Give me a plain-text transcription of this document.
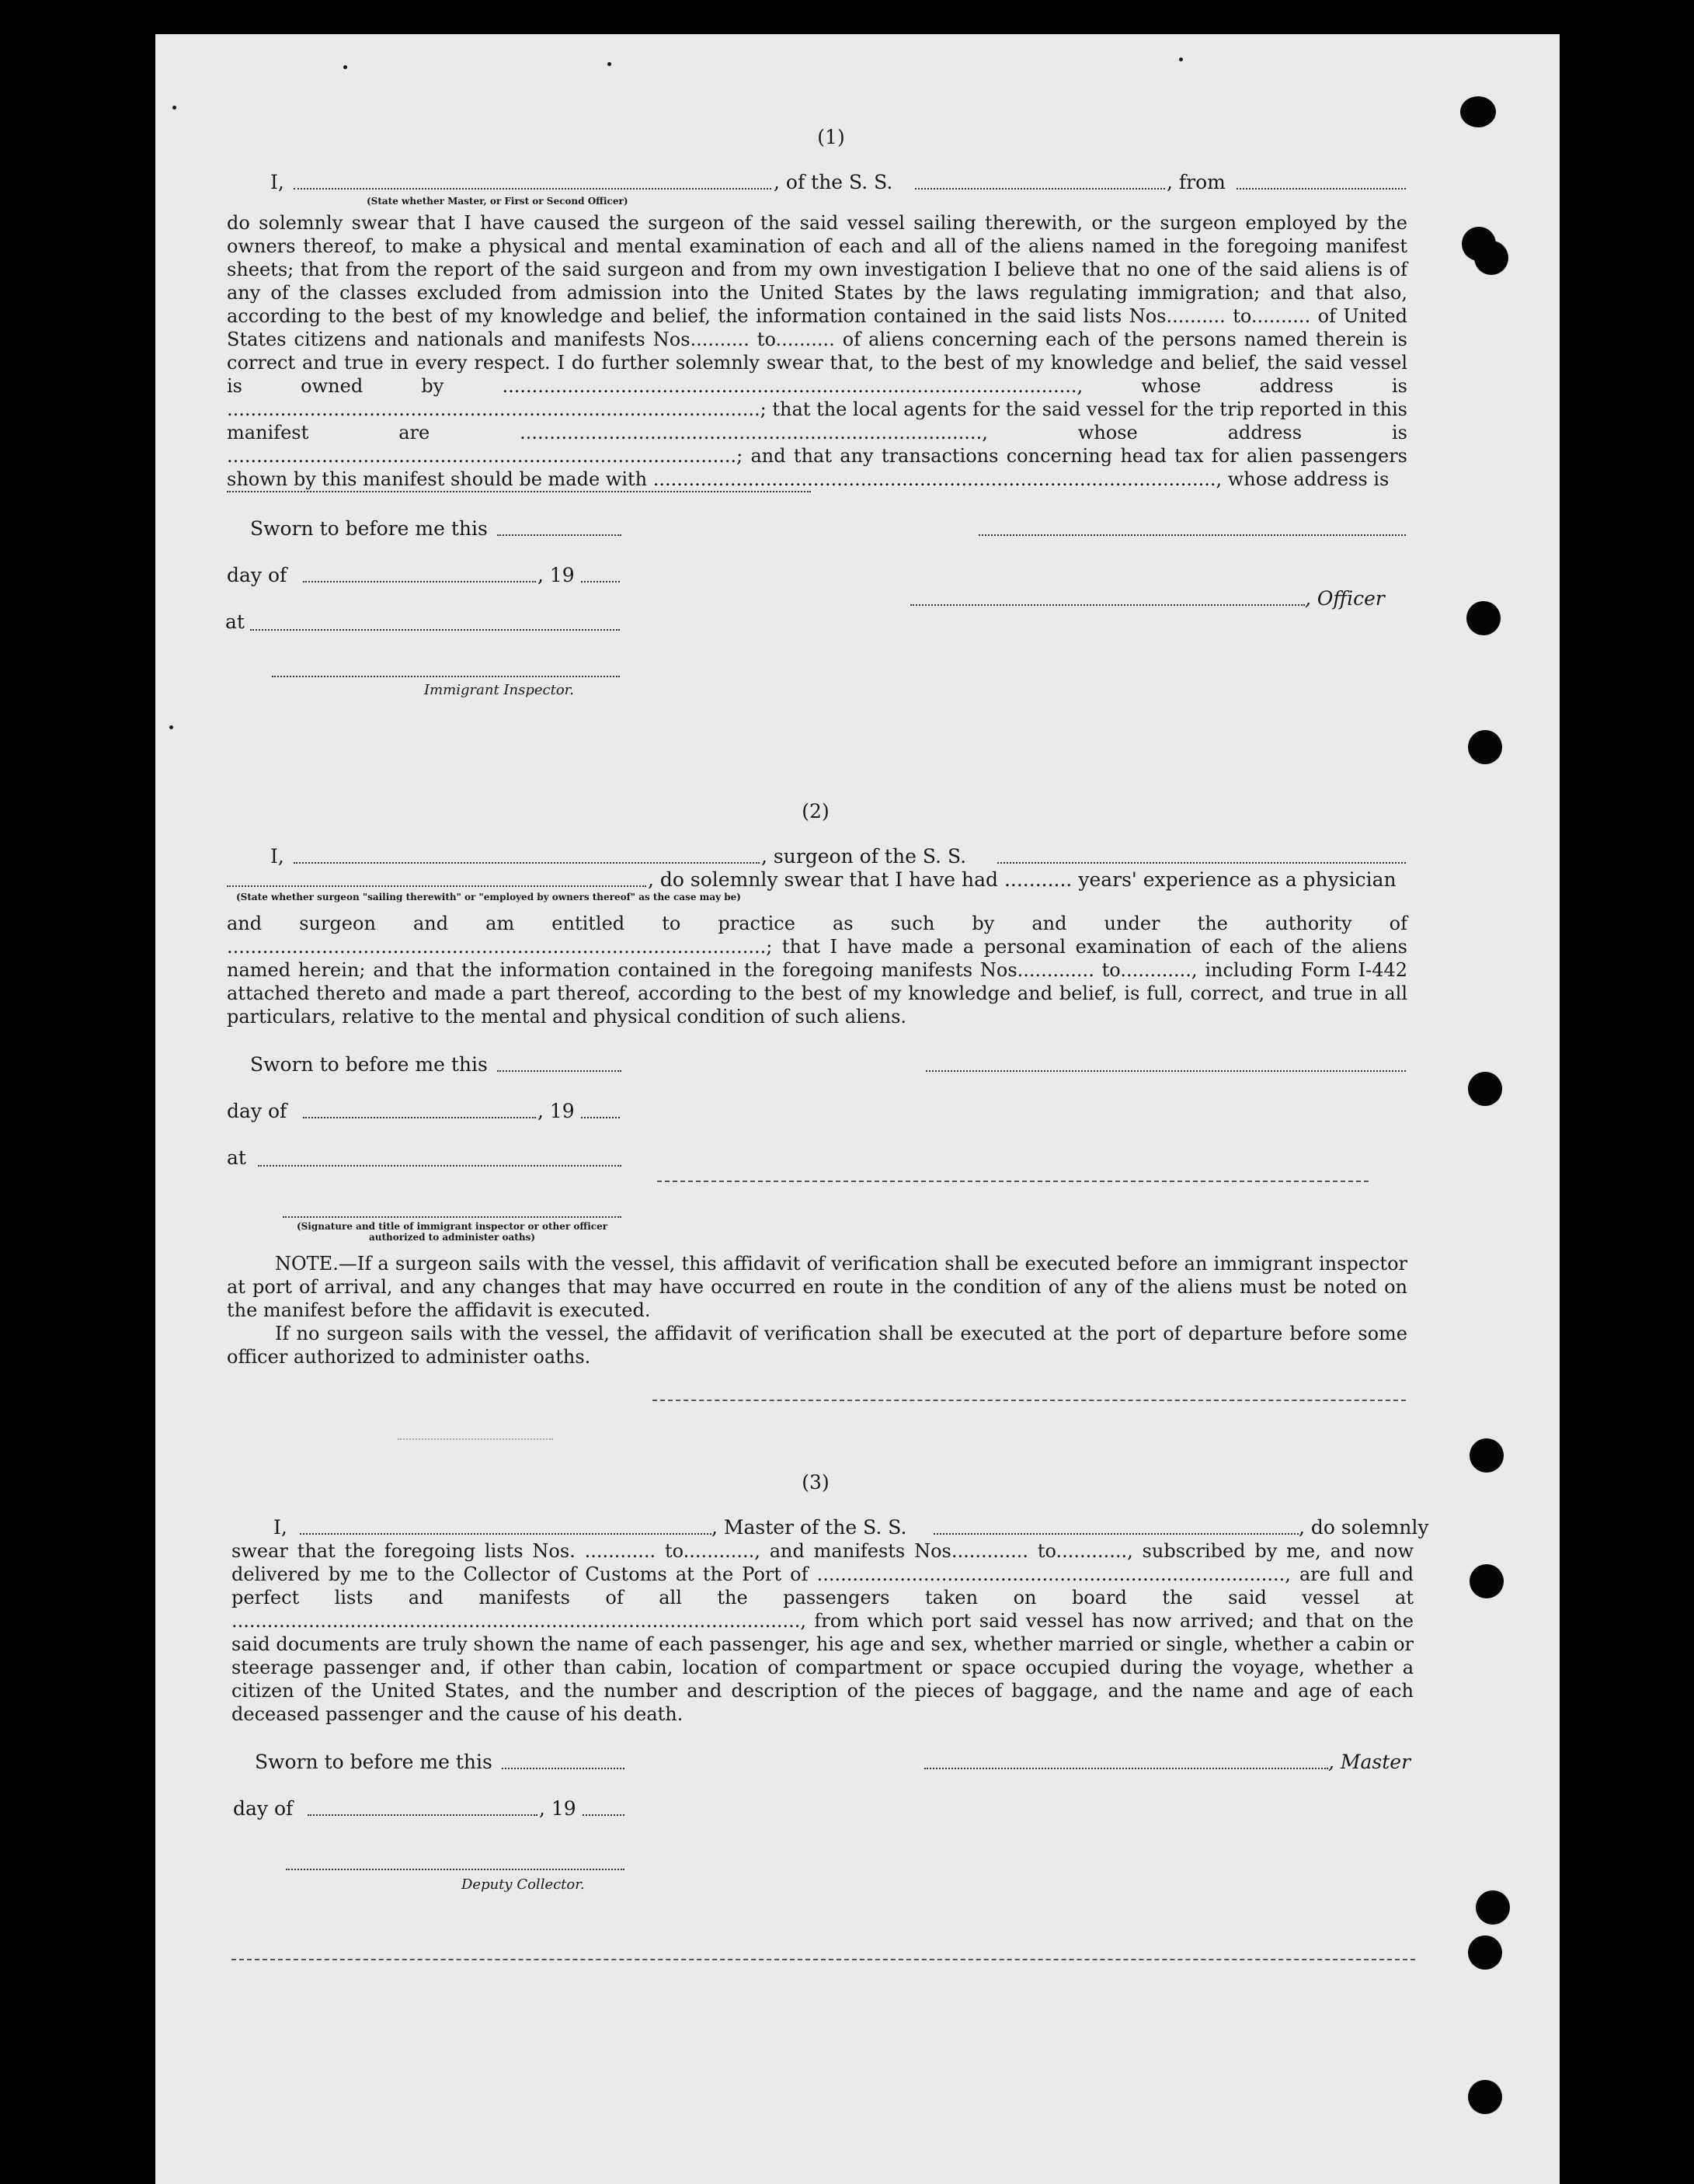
(1)
I,	, of the S. S.	, from
(State whether Master, or First or Second Officer)
do solemnly swear that I have caused the surgeon of the said vessel sailing therewith, or the surgeon employed by the owners thereof, to make a physical and mental examination of each and all of the aliens named in the foregoing manifest sheets; that from the report of the said surgeon and from my own investigation I believe that no one of the said aliens is of any of the classes excluded from admission into the United States by the laws regulating immigration; and that also, according to the best of my knowledge and belief, the information contained in the said lists Nos.......... to.......... of United States citizens and nationals and manifests Nos.......... to.......... of aliens concerning each of the persons named therein is correct and true in every respect. I do further solemnly swear that, to the best of my knowledge and belief, the said vessel is owned by ................................................................................................., whose address is ..........................................................................................; that the local agents for the said vessel for the trip reported in this manifest are .............................................................................., whose address is ......................................................................................; and that any transactions concerning head tax for alien passengers shown by this manifest should be made with ..............................................................................................., whose address is
Sworn to before me this
day of	, 19
, Officer
at
Immigrant Inspector.
(2)
I,	, surgeon of the S. S.
, do solemnly swear that I have had ........... years' experience as a physician
(State whether surgeon "sailing therewith" or "employed by owners thereof" as the case may be)
and surgeon and am entitled to practice as such by and under the authority of ...........................................................................................; that I have made a personal examination of each of the aliens named herein; and that the information contained in the foregoing manifests Nos............. to............, including Form I-442 attached thereto and made a part thereof, according to the best of my knowledge and belief, is full, correct, and true in all particulars, relative to the mental and physical condition of such aliens.
Sworn to before me this
day of	, 19
at
(Signature and title of immigrant inspector or other officer authorized to administer oaths)
NOTE.—If a surgeon sails with the vessel, this affidavit of verification shall be executed before an immigrant inspector at port of arrival, and any changes that may have occurred en route in the condition of any of the aliens must be noted on the manifest before the affidavit is executed.
If no surgeon sails with the vessel, the affidavit of verification shall be executed at the port of departure before some officer authorized to administer oaths.
(3)
I,	, Master of the S. S.	, do solemnly
swear that the foregoing lists Nos. ............ to............, and manifests Nos............. to............, subscribed by me, and now delivered by me to the Collector of Customs at the Port of ..............................................................................., are full and perfect lists and manifests of all the passengers taken on board the said vessel at ................................................................................................, from which port said vessel has now arrived; and that on the said documents are truly shown the name of each passenger, his age and sex, whether married or single, whether a cabin or steerage passenger and, if other than cabin, location of compartment or space occupied during the voyage, whether a citizen of the United States, and the number and description of the pieces of baggage, and the name and age of each deceased passenger and the cause of his death.
Sworn to before me this	, Master
day of	, 19
Deputy Collector.
